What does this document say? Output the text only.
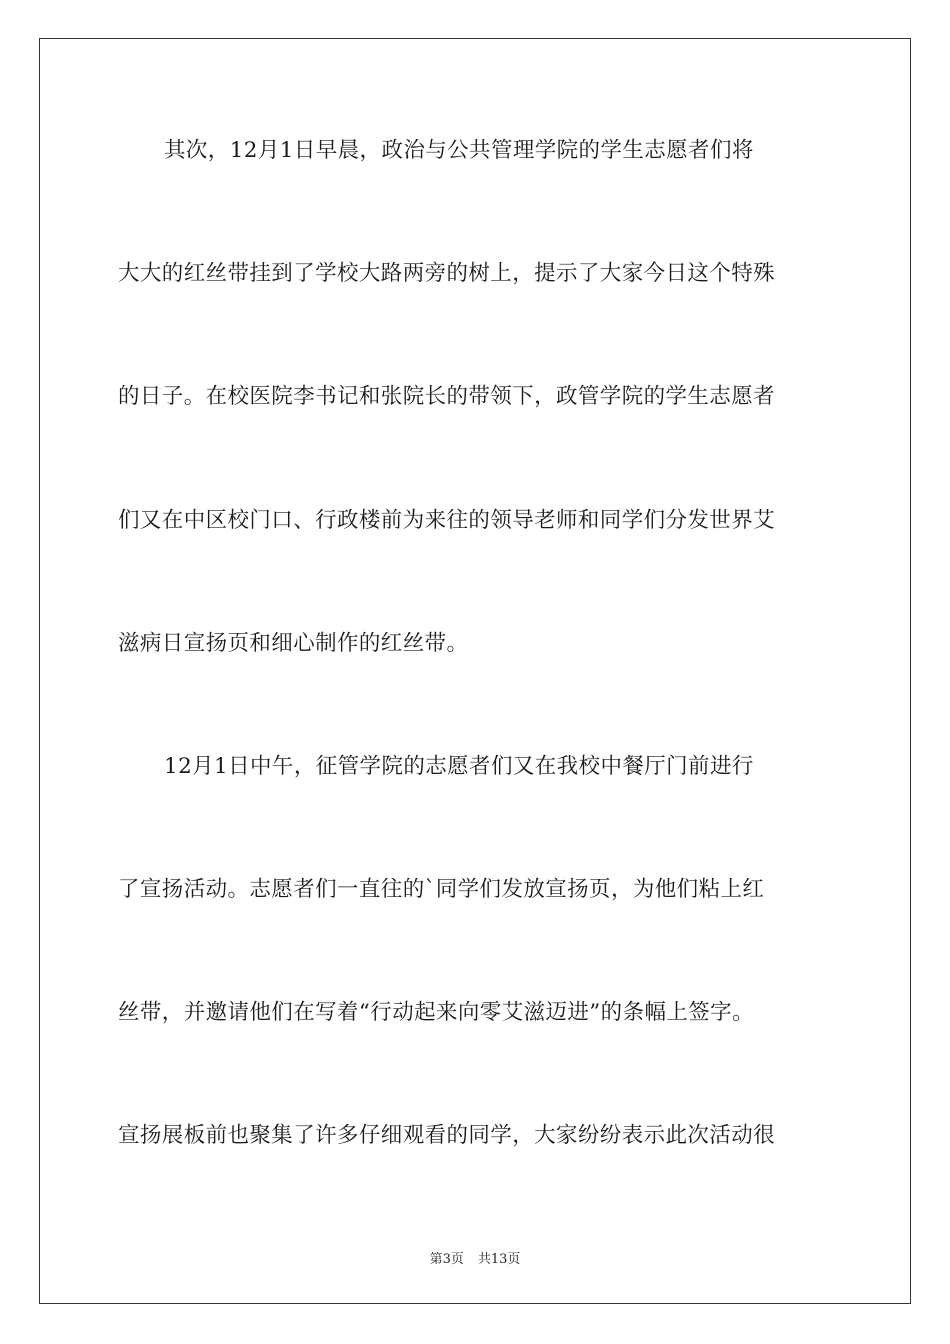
其次，12月1日早晨，政治与公共管理学院的学生志愿者们将
大大的红丝带挂到了学校大路两旁的树上，提示了大家今日这个特殊
的日子。在校医院李书记和张院长的带领下，政管学院的学生志愿者
们又在中区校门口、行政楼前为来往的领导老师和同学们分发世界艾
滋病日宣扬页和细心制作的红丝带。
12月1日中午，征管学院的志愿者们又在我校中餐厅门前进行
了宣扬活动。志愿者们一直往的`同学们发放宣扬页，为他们粘上红
丝带，并邀请他们在写着“行动起来向零艾滋迈进”的条幅上签字。
宣扬展板前也聚集了许多仔细观看的同学，大家纷纷表示此次活动很
第3页 共13页
